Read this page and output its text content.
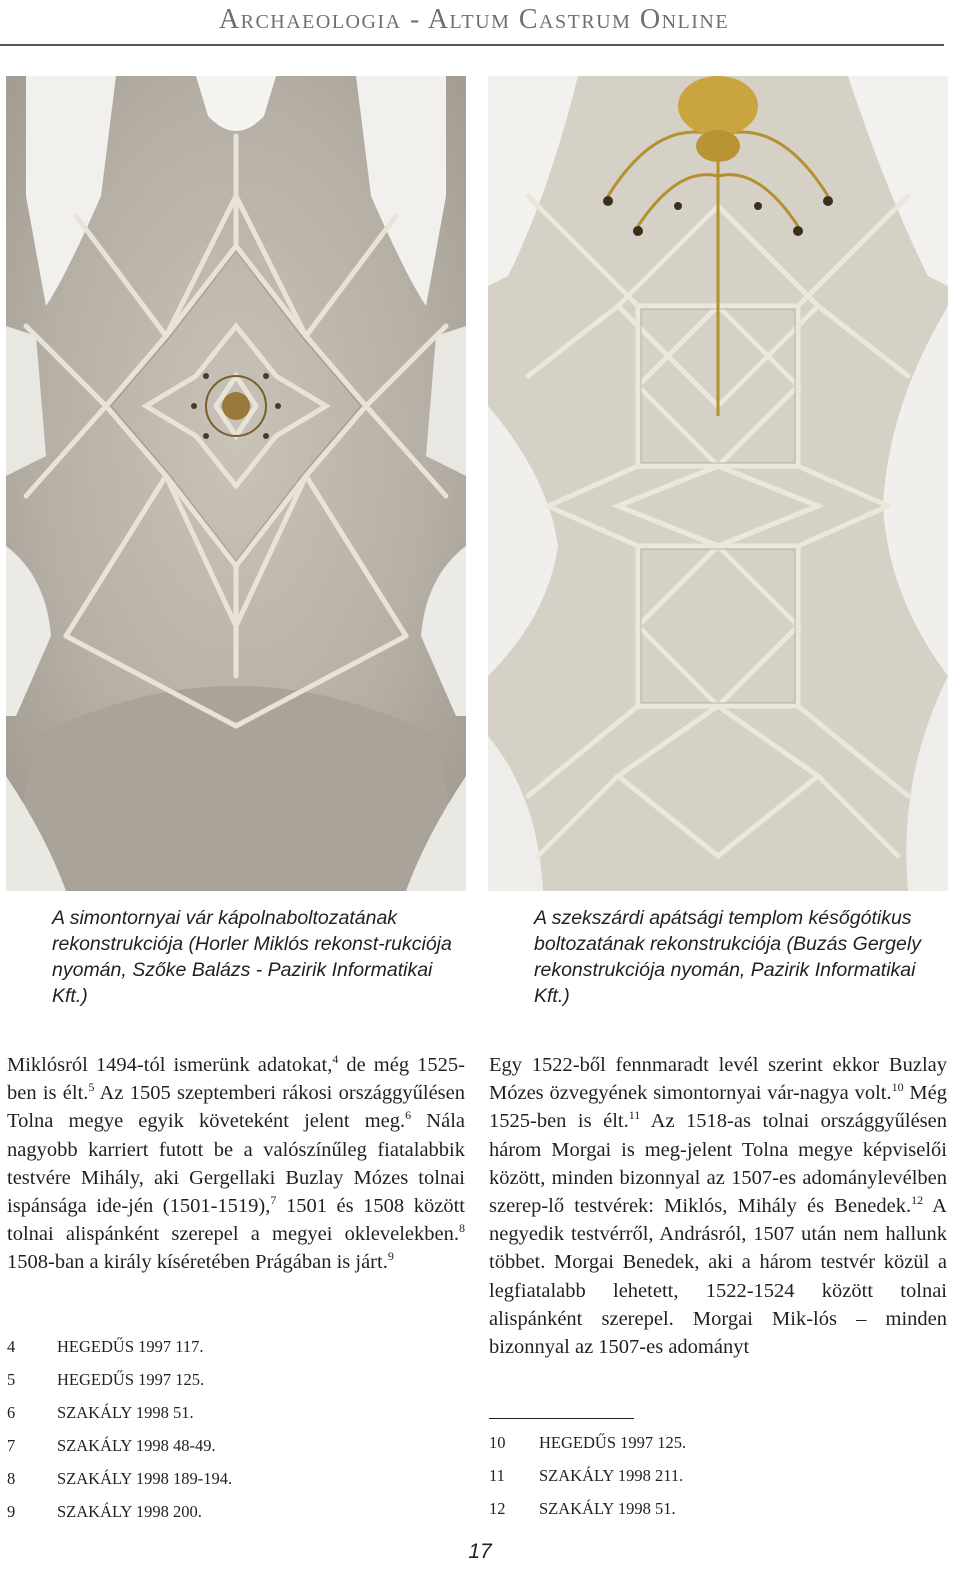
Archaeologia - Altum Castrum Online
A simontornyai vár kápolnaboltozatának rekonstrukciója (Horler Miklós rekonst-rukciója nyomán, Szőke Balázs - Pazirik Informatikai Kft.)
A szekszárdi apátsági templom későgótikus boltozatának rekonstrukciója (Buzás Gergely rekonstrukciója nyomán, Pazirik Informatikai Kft.)
Miklósról 1494-tól ismerünk adatokat,$^4$ de még 1525-ben is élt.$^5$ Az 1505 szeptemberi rákosi országgyűlésen Tolna megye egyik követeként jelent meg.$^6$ Nála nagyobb karriert futott be a valószínűleg fiatalabbik testvére Mihály, aki Gergellaki Buzlay Mózes tolnai ispánsága ide-jén (1501-1519),$^7$ 1501 és 1508 között tolnai alispánként szerepel a megyei oklevelekben.$^8$ 1508-ban a király kíséretében Prágában is járt.$^9$
Egy 1522-ből fennmaradt levél szerint ekkor Buzlay Mózes özvegyének simontornyai vár-nagya volt.$^{10}$ Még 1525-ben is élt.$^{11}$ Az 1518-as tolnai országgyűlésen három Morgai is meg-jelent Tolna megye képviselői között, minden bizonnyal az 1507-es adománylevélben szerep-lő testvérek: Miklós, Mihály és Benedek.$^{12}$ A negyedik testvérről, Andrásról, 1507 után nem hallunk többet. Morgai Benedek, aki a három testvér közül a legfiatalabb lehetett, 1522-1524 között tolnai alispánként szerepel. Morgai Mik-lós – minden bizonnyal az 1507-es adományt
4	HEGEDŰS 1997 117.
5	HEGEDŰS 1997 125.
6	SZAKÁLY 1998 51.
7	SZAKÁLY 1998 48-49.
8	SZAKÁLY 1998 189-194.
9	SZAKÁLY 1998 200.
10	HEGEDŰS 1997 125.
11	SZAKÁLY 1998 211.
12	SZAKÁLY 1998 51.
17
